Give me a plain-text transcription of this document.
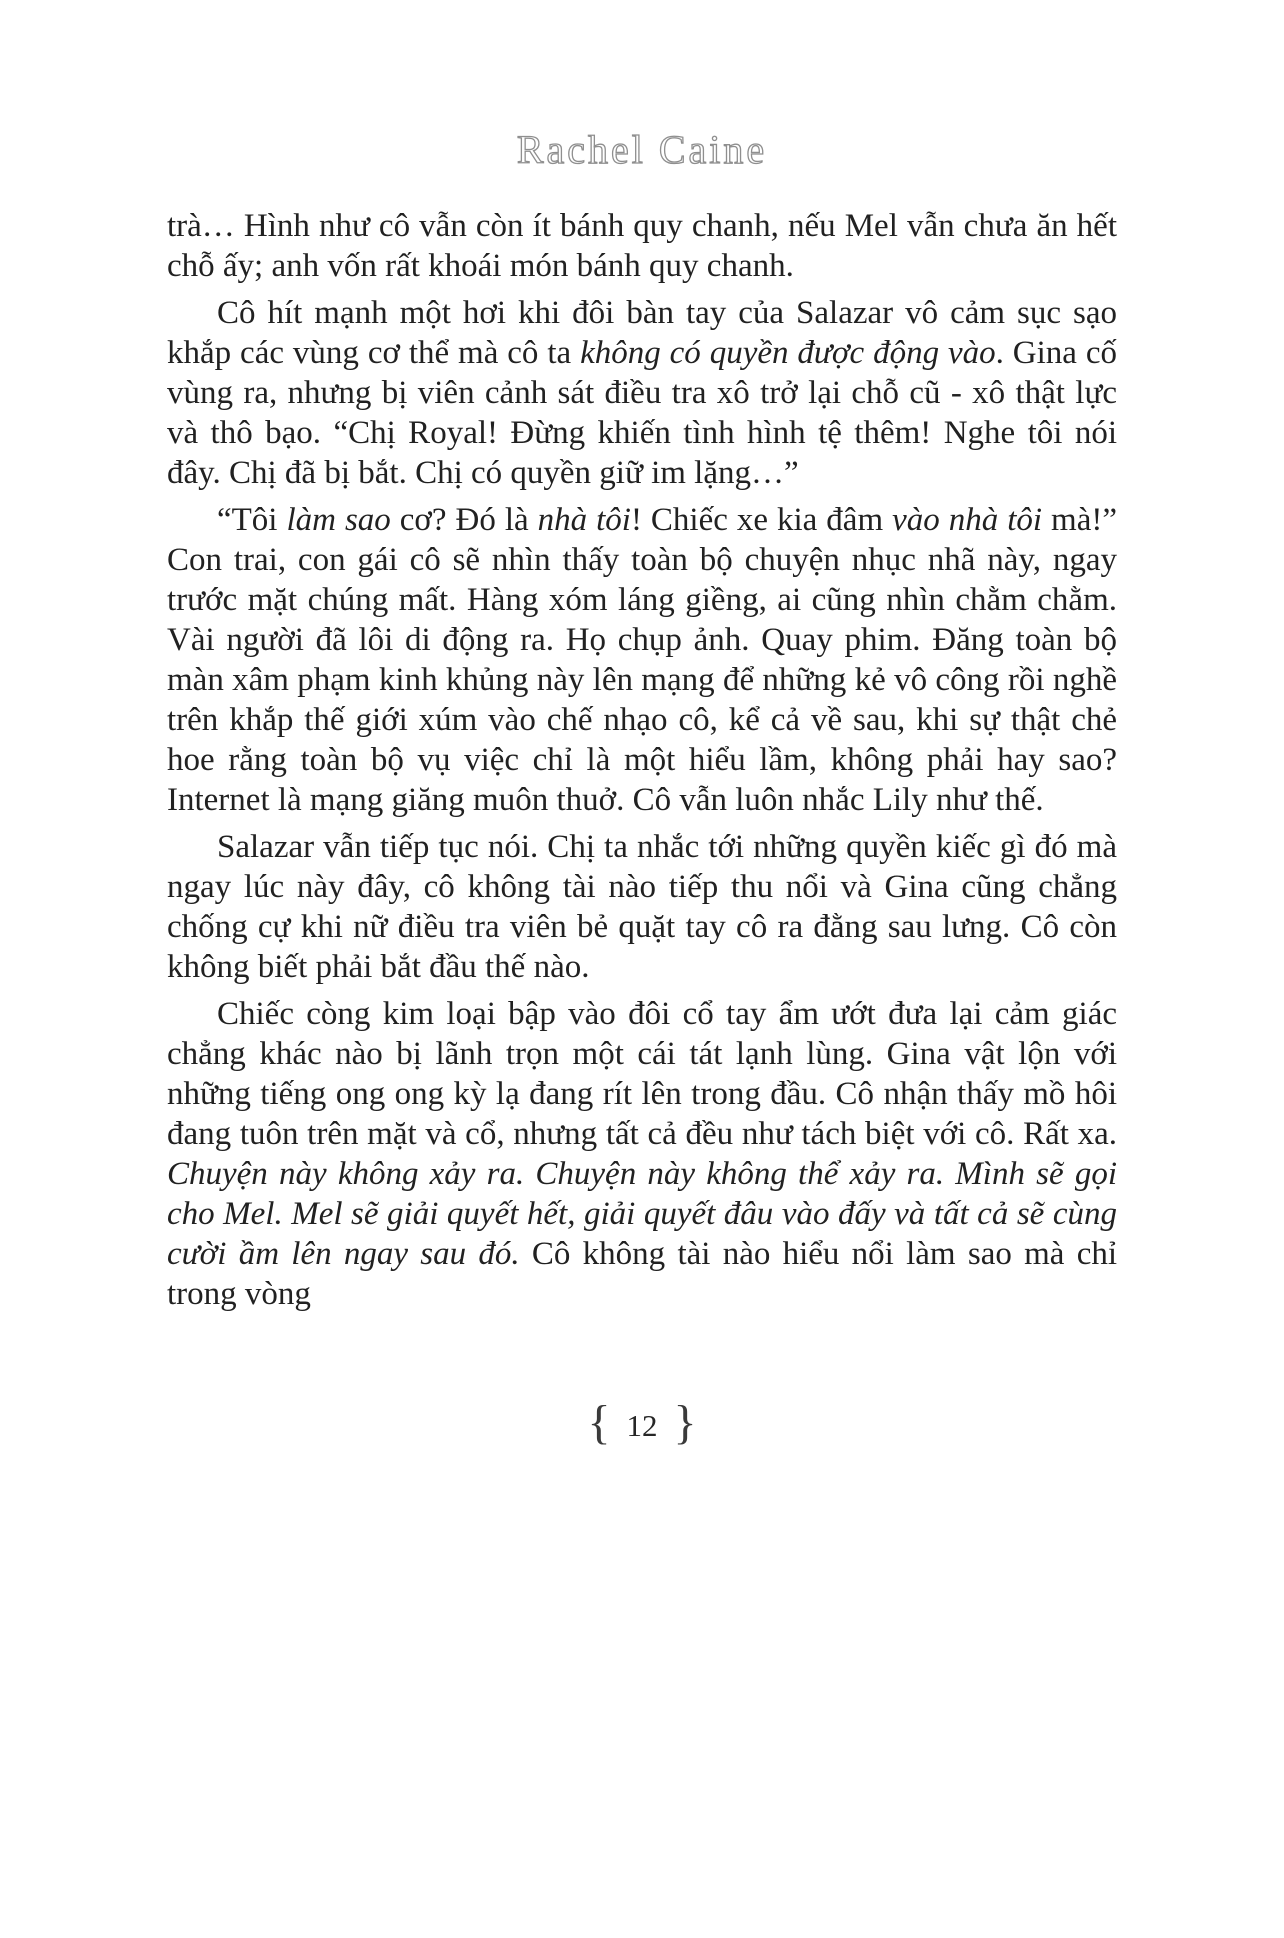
Rachel Caine

trà… Hình như cô vẫn còn ít bánh quy chanh, nếu Mel vẫn chưa ăn hết chỗ ấy; anh vốn rất khoái món bánh quy chanh.

Cô hít mạnh một hơi khi đôi bàn tay của Salazar vô cảm sục sạo khắp các vùng cơ thể mà cô ta không có quyền được động vào. Gina cố vùng ra, nhưng bị viên cảnh sát điều tra xô trở lại chỗ cũ - xô thật lực và thô bạo. “Chị Royal! Đừng khiến tình hình tệ thêm! Nghe tôi nói đây. Chị đã bị bắt. Chị có quyền giữ im lặng…”

“Tôi làm sao cơ? Đó là nhà tôi! Chiếc xe kia đâm vào nhà tôi mà!” Con trai, con gái cô sẽ nhìn thấy toàn bộ chuyện nhục nhã này, ngay trước mặt chúng mất. Hàng xóm láng giềng, ai cũng nhìn chằm chằm. Vài người đã lôi di động ra. Họ chụp ảnh. Quay phim. Đăng toàn bộ màn xâm phạm kinh khủng này lên mạng để những kẻ vô công rồi nghề trên khắp thế giới xúm vào chế nhạo cô, kể cả về sau, khi sự thật chẻ hoe rằng toàn bộ vụ việc chỉ là một hiểu lầm, không phải hay sao? Internet là mạng giăng muôn thuở. Cô vẫn luôn nhắc Lily như thế.

Salazar vẫn tiếp tục nói. Chị ta nhắc tới những quyền kiếc gì đó mà ngay lúc này đây, cô không tài nào tiếp thu nổi và Gina cũng chẳng chống cự khi nữ điều tra viên bẻ quặt tay cô ra đằng sau lưng. Cô còn không biết phải bắt đầu thế nào.

Chiếc còng kim loại bập vào đôi cổ tay ẩm ướt đưa lại cảm giác chẳng khác nào bị lãnh trọn một cái tát lạnh lùng. Gina vật lộn với những tiếng ong ong kỳ lạ đang rít lên trong đầu. Cô nhận thấy mồ hôi đang tuôn trên mặt và cổ, nhưng tất cả đều như tách biệt với cô. Rất xa. Chuyện này không xảy ra. Chuyện này không thể xảy ra. Mình sẽ gọi cho Mel. Mel sẽ giải quyết hết, giải quyết đâu vào đấy và tất cả sẽ cùng cười ầm lên ngay sau đó. Cô không tài nào hiểu nổi làm sao mà chỉ trong vòng

{ 12 }
